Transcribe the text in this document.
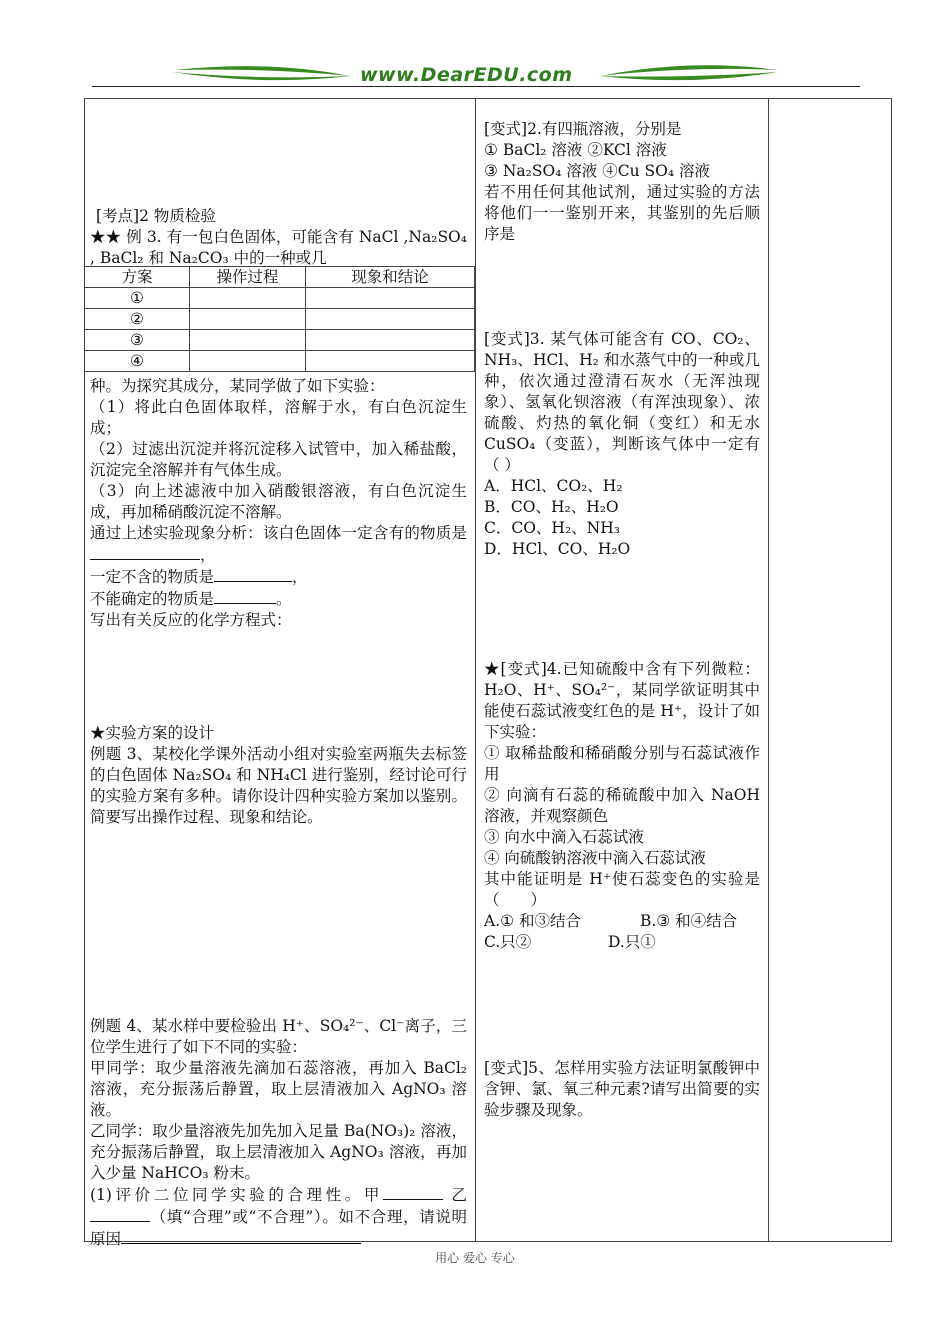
www.DearEDU.com
[考点]2 物质检验
★★ 例 3. 有一包白色固体，可能含有 NaCl ,Na₂SO₄ , BaCl₂ 和 Na₂CO₃ 中的一种或几
方案	操作过程	现象和结论
①		
②		
③		
④		

种。为探究其成分，某同学做了如下实验：

（1）将此白色固体取样，溶解于水，有白色沉淀生成；

（2）过滤出沉淀并将沉淀移入试管中，加入稀盐酸，沉淀完全溶解并有气体生成。

（3）向上述滤液中加入硝酸银溶液，有白色沉淀生成，再加稀硝酸沉淀不溶解。

通过上述实验现象分析：该白色固体一定含有的物质是，

一定不含的物质是	，

不能确定的物质是	。

写出有关反应的化学方程式：

★实验方案的设计
例题 3、某校化学课外活动小组对实验室两瓶失去标签的白色固体 Na₂SO₄ 和 NH₄Cl 进行鉴别，经讨论可行的实验方案有多种。请你设计四种实验方案加以鉴别。简要写出操作过程、现象和结论。

例题 4、某水样中要检验出 H⁺、SO₄²⁻、Cl⁻离子，三位学生进行了如下不同的实验：

甲同学：取少量溶液先滴加石蕊溶液，再加入 BaCl₂ 溶液，充分振荡后静置，取上层清液加入 AgNO₃ 溶液。

乙同学：取少量溶液先加先加入足量 Ba(NO₃)₂ 溶液，充分振荡后静置，取上层清液加入 AgNO₃ 溶液，再加入少量 NaHCO₃ 粉末。

(1)评价二位同学实验的合理性。甲	乙（填“合理”或“不合理”）。如不合理，请说明原因

[变式]2.有四瓶溶液，分别是

① BaCl₂ 溶液 ②KCl 溶液

③ Na₂SO₄ 溶液 ④Cu SO₄ 溶液

若不用任何其他试剂，通过实验的方法将他们一一鉴别开来，其鉴别的先后顺序是

[变式]3. 某气体可能含有 CO、CO₂、NH₃、HCl、H₂ 和水蒸气中的一种或几种，依次通过澄清石灰水（无浑浊现象）、氢氧化钡溶液（有浑浊现象）、浓硫酸、灼热的氧化铜（变红）和无水 CuSO₄（变蓝），判断该气体中一定有（ ）

A．HCl、CO₂、H₂

B．CO、H₂、H₂O

C．CO、H₂、NH₃

D．HCl、CO、H₂O

★[变式]4.已知硫酸中含有下列微粒：H₂O、H⁺、SO₄²⁻，某同学欲证明其中能使石蕊试液变红色的是 H⁺，设计了如下实验：

① 取稀盐酸和稀硝酸分别与石蕊试液作用

② 向滴有石蕊的稀硫酸中加入 NaOH 溶液，并观察颜色

③ 向水中滴入石蕊试液

④ 向硫酸钠溶液中滴入石蕊试液

其中能证明是 H⁺使石蕊变色的实验是（　　）

A.① 和③结合	B.③ 和④结合

C.只②	D.只①

[变式]5、怎样用实验方法证明氯酸钾中含钾、氯、氧三种元素?请写出简要的实验步骤及现象。
用心 爱心 专心
